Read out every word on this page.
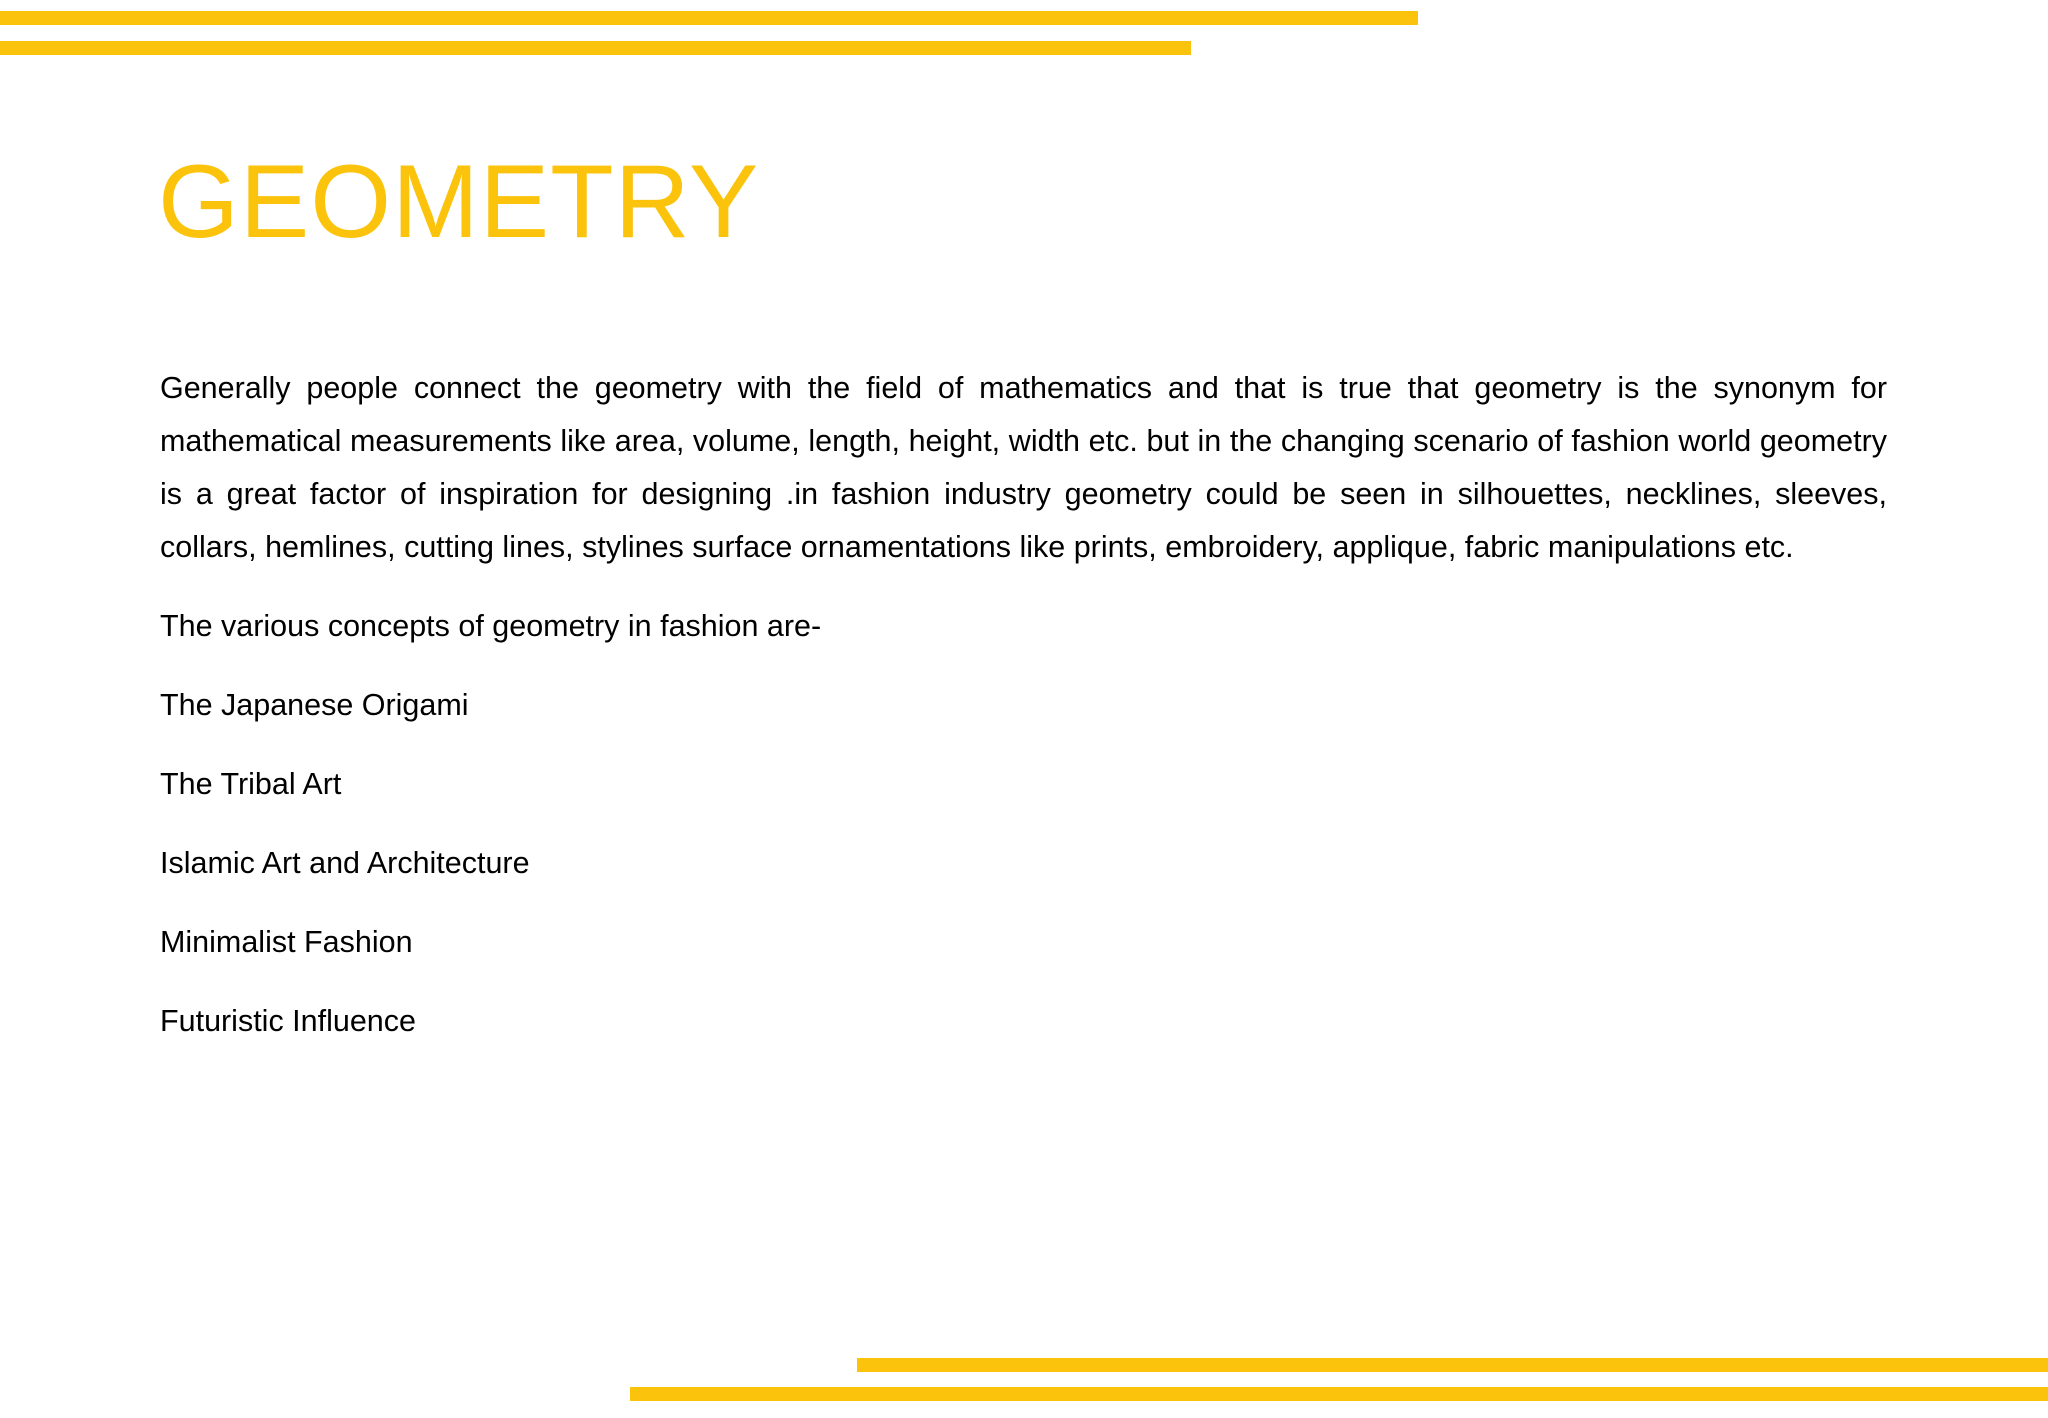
GEOMETRY

Generally people connect the geometry with the field of mathematics and that is true that geometry is the synonym for mathematical measurements like area, volume, length, height, width etc. but in the changing scenario of fashion world geometry is a great factor of inspiration for designing .in fashion industry geometry could be seen in silhouettes, necklines, sleeves, collars, hemlines, cutting lines, stylines surface ornamentations like prints, embroidery, applique, fabric manipulations etc.

The various concepts of geometry in fashion are-

The Japanese Origami

The Tribal Art

Islamic Art and Architecture

Minimalist Fashion

Futuristic Influence
